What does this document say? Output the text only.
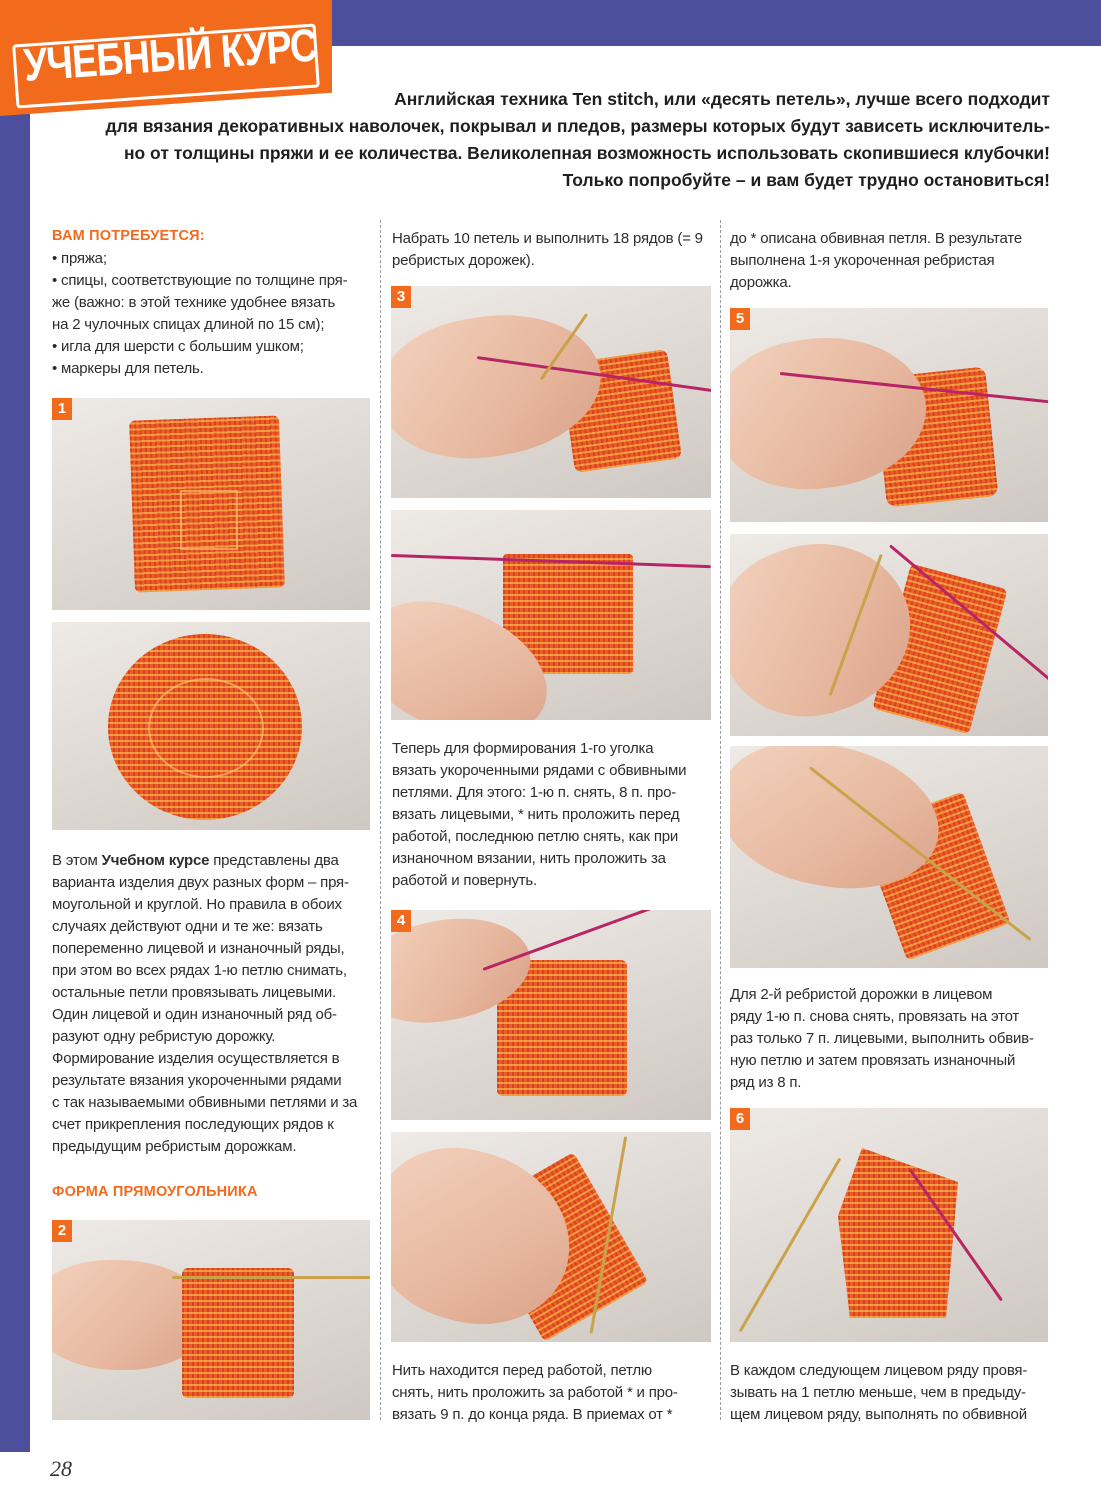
УЧЕБНЫЙ КУРС
Английская техника Ten stitch, или «десять петель», лучше всего подходит
для вязания декоративных наволочек, покрывал и пледов, размеры которых будут зависеть исключитель-
но от толщины пряжи и ее количества. Великолепная возможность использовать скопившиеся клубочки!
Только попробуйте – и вам будет трудно остановиться!
ВАМ ПОТРЕБУЕТСЯ:
• пряжа;
• спицы, соответствующие по толщине пря-
же (важно: в этой технике удобнее вязать
на 2 чулочных спицах длиной по 15 см);
• игла для шерсти с большим ушком;
• маркеры для петель.
1
В этом Учебном курсе представлены два
варианта изделия двух разных форм – пря-
моугольной и круглой. Но правила в обоих
случаях действуют одни и те же: вязать
попеременно лицевой и изнаночный ряды,
при этом во всех рядах 1-ю петлю снимать,
остальные петли провязывать лицевыми.
Один лицевой и один изнаночный ряд об-
разуют одну ребристую дорожку.
Формирование изделия осуществляется в
результате вязания укороченными рядами
с так называемыми обвивными петлями и за
счет прикрепления последующих рядов к
предыдущим ребристым дорожкам.
ФОРМА ПРЯМОУГОЛЬНИКА
2
Набрать 10 петель и выполнить 18 рядов (= 9
ребристых дорожек).
3
Теперь для формирования 1-го уголка
вязать укороченными рядами с обвивными
петлями. Для этого: 1-ю п. снять, 8 п. про-
вязать лицевыми, * нить проложить перед
работой, последнюю петлю снять, как при
изнаночном вязании, нить проложить за
работой и повернуть.
4
Нить находится перед работой, петлю
снять, нить проложить за работой * и про-
вязать 9 п. до конца ряда. В приемах от *
до * описана обвивная петля. В результате
выполнена 1-я укороченная ребристая
дорожка.
5
Для 2-й ребристой дорожки в лицевом
ряду 1-ю п. снова снять, провязать на этот
раз только 7 п. лицевыми, выполнить обвив-
ную петлю и затем провязать изнаночный
ряд из 8 п.
6
В каждом следующем лицевом ряду провя-
зывать на 1 петлю меньше, чем в предыду-
щем лицевом ряду, выполнять по обвивной
28
